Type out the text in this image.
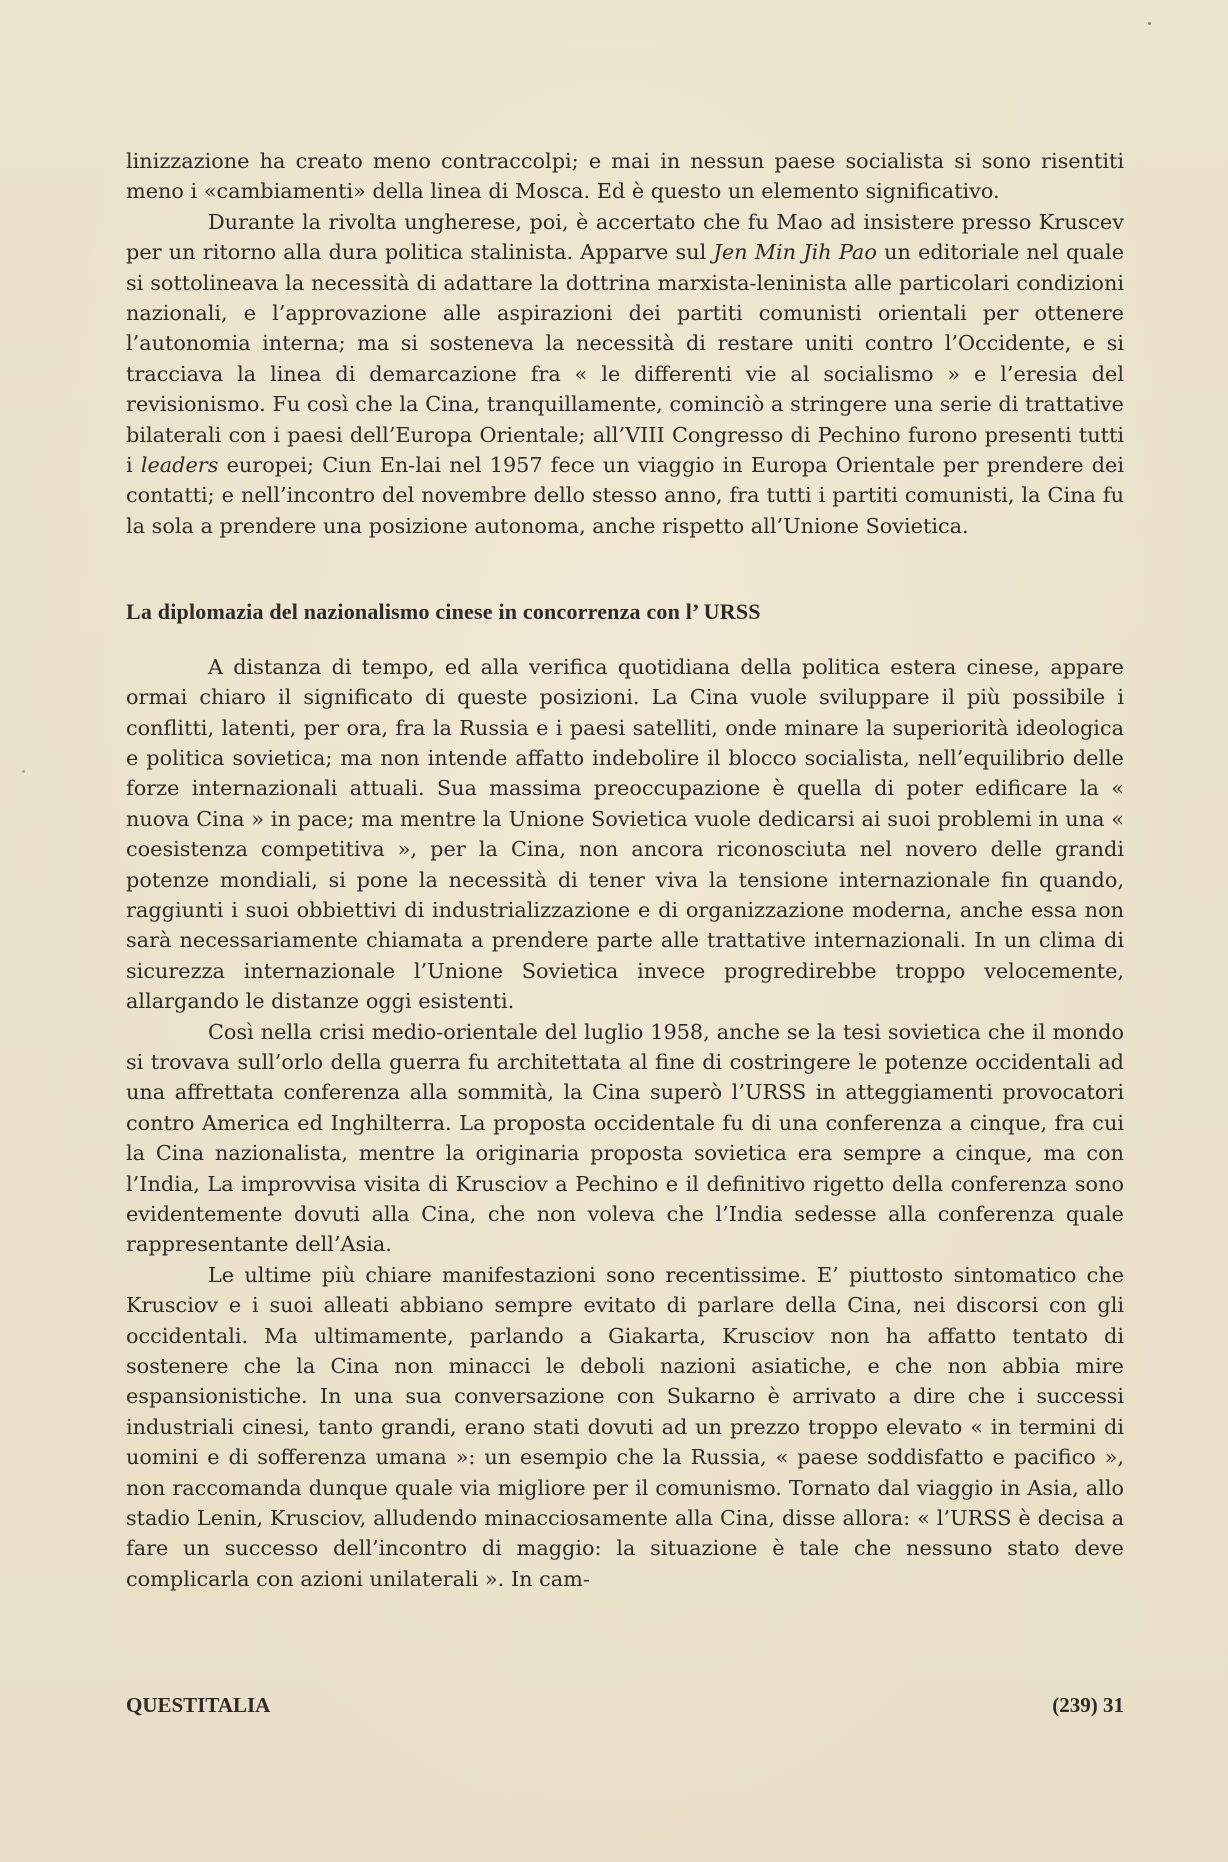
linizzazione ha creato meno contraccolpi; e mai in nessun paese socialista si sono risentiti meno i «cambiamenti» della linea di Mosca. Ed è questo un elemento significativo.

Durante la rivolta ungherese, poi, è accertato che fu Mao ad insistere presso Kruscev per un ritorno alla dura politica stalinista. Apparve sul Jen Min Jih Pao un editoriale nel quale si sottolineava la necessità di adattare la dottrina marxista-leninista alle particolari condizioni nazionali, e l’approvazione alle aspirazioni dei partiti comunisti orientali per ottenere l’autonomia interna; ma si sosteneva la necessità di restare uniti contro l’Occidente, e si tracciava la linea di demarcazione fra « le differenti vie al socialismo » e l’eresia del revisionismo. Fu così che la Cina, tranquillamente, cominciò a stringere una serie di trattative bilaterali con i paesi dell’Europa Orientale; all’VIII Congresso di Pechino furono presenti tutti i leaders europei; Ciun En-lai nel 1957 fece un viaggio in Europa Orientale per prendere dei contatti; e nell’incontro del novembre dello stesso anno, fra tutti i partiti comunisti, la Cina fu la sola a prendere una posizione autonoma, anche rispetto all’Unione Sovietica.

La diplomazia del nazionalismo cinese in concorrenza con l’ URSS

A distanza di tempo, ed alla verifica quotidiana della politica estera cinese, appare ormai chiaro il significato di queste posizioni. La Cina vuole sviluppare il più possibile i conflitti, latenti, per ora, fra la Russia e i paesi satelliti, onde minare la superiorità ideologica e politica sovietica; ma non intende affatto indebolire il blocco socialista, nell’equilibrio delle forze internazionali attuali. Sua massima preoccupazione è quella di poter edificare la « nuova Cina » in pace; ma mentre la Unione Sovietica vuole dedicarsi ai suoi problemi in una « coesistenza competitiva », per la Cina, non ancora riconosciuta nel novero delle grandi potenze mondiali, si pone la necessità di tener viva la tensione internazionale fin quando, raggiunti i suoi obbiettivi di industrializzazione e di organizzazione moderna, anche essa non sarà necessariamente chiamata a prendere parte alle trattative internazionali. In un clima di sicurezza internazionale l’Unione Sovietica invece progredirebbe troppo velocemente, allargando le distanze oggi esistenti.

Così nella crisi medio-orientale del luglio 1958, anche se la tesi sovietica che il mondo si trovava sull’orlo della guerra fu architettata al fine di costringere le potenze occidentali ad una affrettata conferenza alla sommità, la Cina superò l’URSS in atteggiamenti provocatori contro America ed Inghilterra. La proposta occidentale fu di una conferenza a cinque, fra cui la Cina nazionalista, mentre la originaria proposta sovietica era sempre a cinque, ma con l’India, La improvvisa visita di Krusciov a Pechino e il definitivo rigetto della conferenza sono evidentemente dovuti alla Cina, che non voleva che l’India sedesse alla conferenza quale rappresentante dell’Asia.

Le ultime più chiare manifestazioni sono recentissime. E’ piuttosto sintomatico che Krusciov e i suoi alleati abbiano sempre evitato di parlare della Cina, nei discorsi con gli occidentali. Ma ultimamente, parlando a Giakarta, Krusciov non ha affatto tentato di sostenere che la Cina non minacci le deboli nazioni asiatiche, e che non abbia mire espansionistiche. In una sua conversazione con Sukarno è arrivato a dire che i successi industriali cinesi, tanto grandi, erano stati dovuti ad un prezzo troppo elevato « in termini di uomini e di sofferenza umana »: un esempio che la Russia, « paese soddisfatto e pacifico », non raccomanda dunque quale via migliore per il comunismo. Tornato dal viaggio in Asia, allo stadio Lenin, Krusciov, alludendo minacciosamente alla Cina, disse allora: « l’URSS è decisa a fare un successo dell’incontro di maggio: la situazione è tale che nessuno stato deve complicarla con azioni unilaterali ». In cam-

QUESTITALIA	(239) 31
